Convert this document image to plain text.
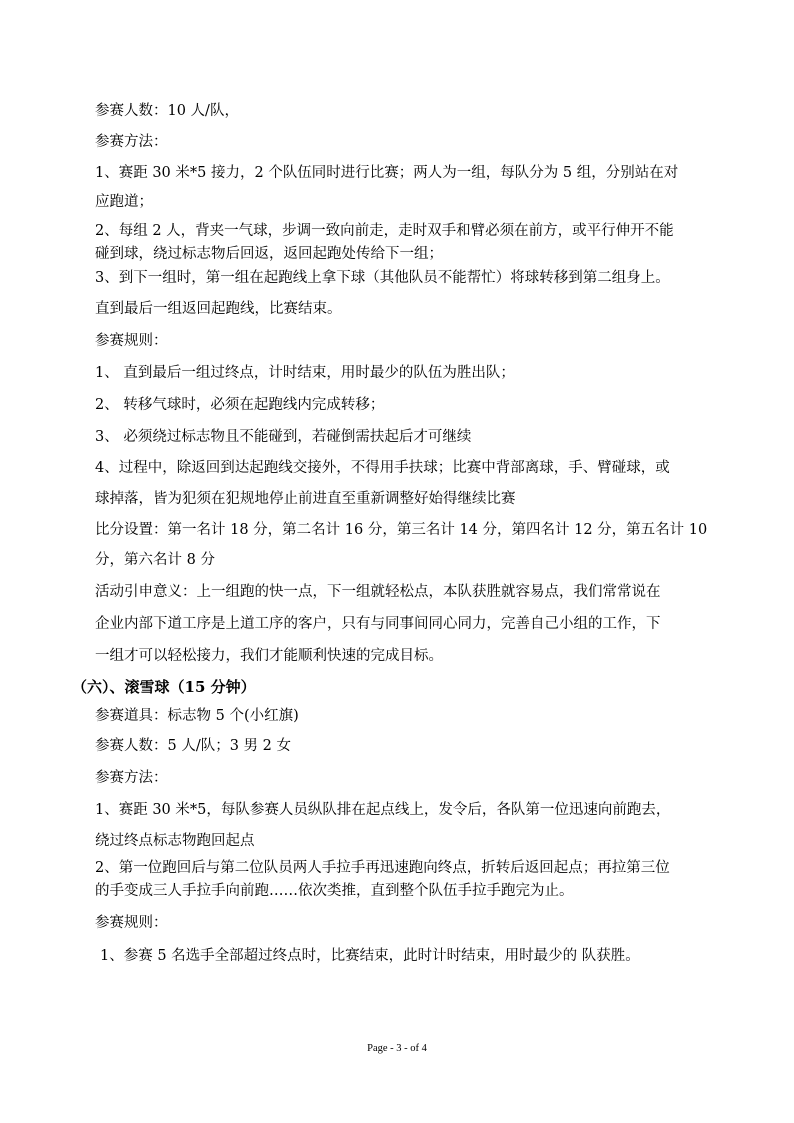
参赛人数：10 人/队，
参赛方法：
1、赛距 30 米*5 接力，2 个队伍同时进行比赛；两人为一组，每队分为 5 组，分别站在对
应跑道；
2、每组 2 人，背夹一气球，步调一致向前走，走时双手和臂必须在前方，或平行伸开不能
碰到球，绕过标志物后回返，返回起跑处传给下一组；
3、到下一组时，第一组在起跑线上拿下球（其他队员不能帮忙）将球转移到第二组身上。
直到最后一组返回起跑线，比赛结束。
参赛规则：
1、 直到最后一组过终点，计时结束，用时最少的队伍为胜出队；
2、 转移气球时，必须在起跑线内完成转移；
3、 必须绕过标志物且不能碰到，若碰倒需扶起后才可继续
4、过程中，除返回到达起跑线交接外，不得用手扶球；比赛中背部离球，手、臂碰球，或
球掉落，皆为犯须在犯规地停止前进直至重新调整好始得继续比赛
比分设置：第一名计 18 分，第二名计 16 分，第三名计 14 分，第四名计 12 分，第五名计 10
分，第六名计 8 分
活动引申意义：上一组跑的快一点，下一组就轻松点，本队获胜就容易点，我们常常说在
企业内部下道工序是上道工序的客户，只有与同事间同心同力，完善自己小组的工作，下
一组才可以轻松接力，我们才能顺利快速的完成目标。
（六）、滚雪球（15 分钟）
参赛道具：标志物 5 个(小红旗)
参赛人数：5 人/队；3 男 2 女
参赛方法：
1、赛距 30 米*5，每队参赛人员纵队排在起点线上，发令后，各队第一位迅速向前跑去，
绕过终点标志物跑回起点
2、第一位跑回后与第二位队员两人手拉手再迅速跑向终点，折转后返回起点；再拉第三位
的手变成三人手拉手向前跑……依次类推，直到整个队伍手拉手跑完为止。
参赛规则：
1、参赛 5 名选手全部超过终点时，比赛结束，此时计时结束，用时最少的 队获胜。
Page - 3 - of 4
